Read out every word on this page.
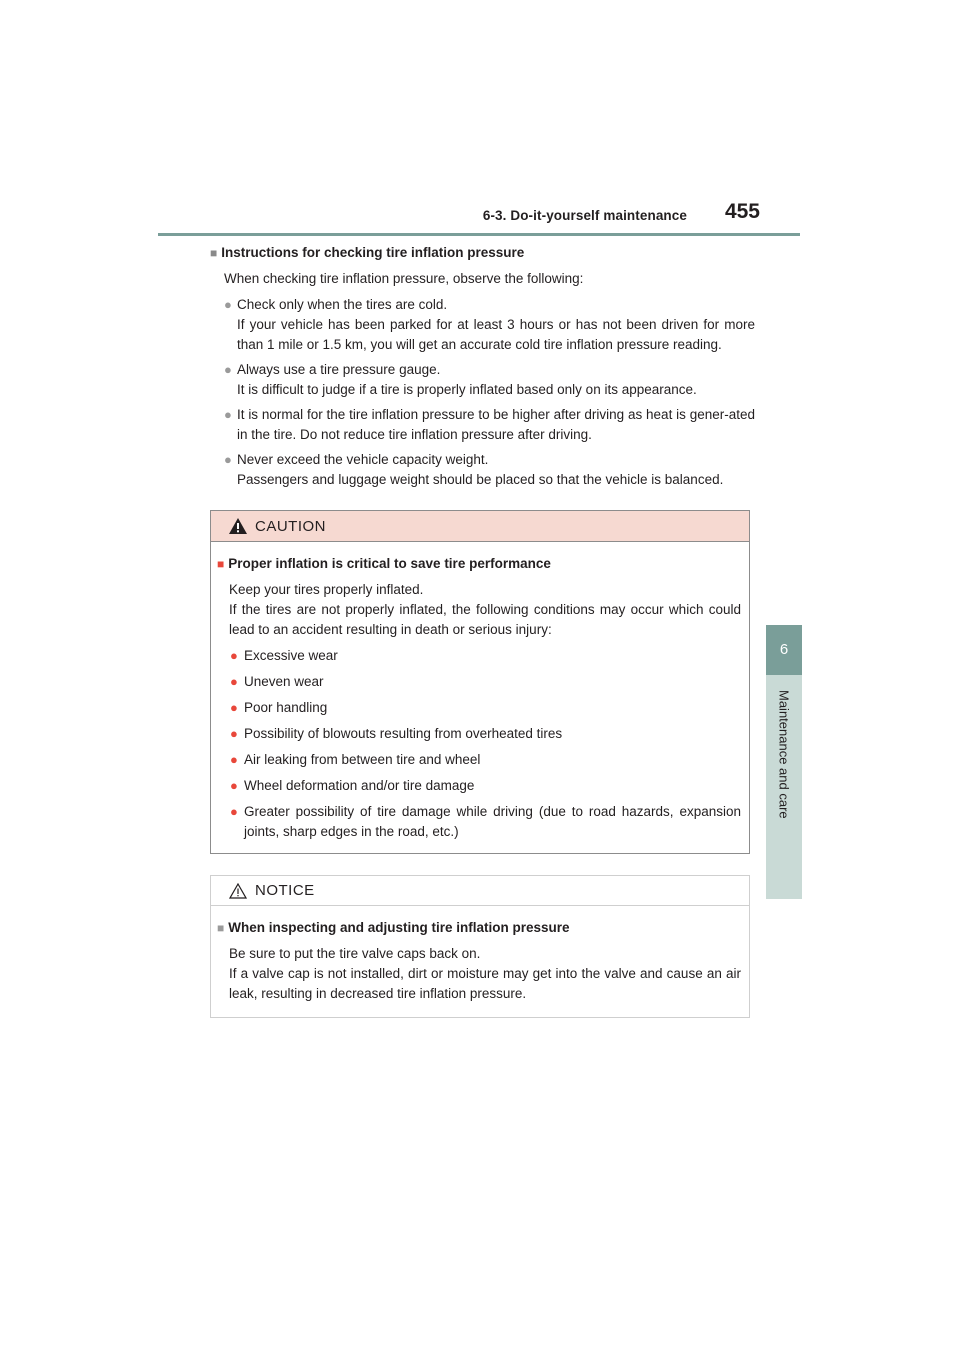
6-3. Do-it-yourself maintenance	455
6
Maintenance and care

■ Instructions for checking tire inflation pressure

When checking tire inflation pressure, observe the following:

● Check only when the tires are cold.
If your vehicle has been parked for at least 3 hours or has not been driven for more than 1 mile or 1.5 km, you will get an accurate cold tire inflation pressure reading.
● Always use a tire pressure gauge.
It is difficult to judge if a tire is properly inflated based only on its appearance.
● It is normal for the tire inflation pressure to be higher after driving as heat is gener-ated in the tire. Do not reduce tire inflation pressure after driving.
● Never exceed the vehicle capacity weight.
Passengers and luggage weight should be placed so that the vehicle is balanced.
CAUTION

■ Proper inflation is critical to save tire performance

Keep your tires properly inflated.
If the tires are not properly inflated, the following conditions may occur which could lead to an accident resulting in death or serious injury:

● Excessive wear
● Uneven wear
● Poor handling
● Possibility of blowouts resulting from overheated tires
● Air leaking from between tire and wheel
● Wheel deformation and/or tire damage
● Greater possibility of tire damage while driving (due to road hazards, expansion joints, sharp edges in the road, etc.)
NOTICE

■ When inspecting and adjusting tire inflation pressure

Be sure to put the tire valve caps back on.
If a valve cap is not installed, dirt or moisture may get into the valve and cause an air leak, resulting in decreased tire inflation pressure.
